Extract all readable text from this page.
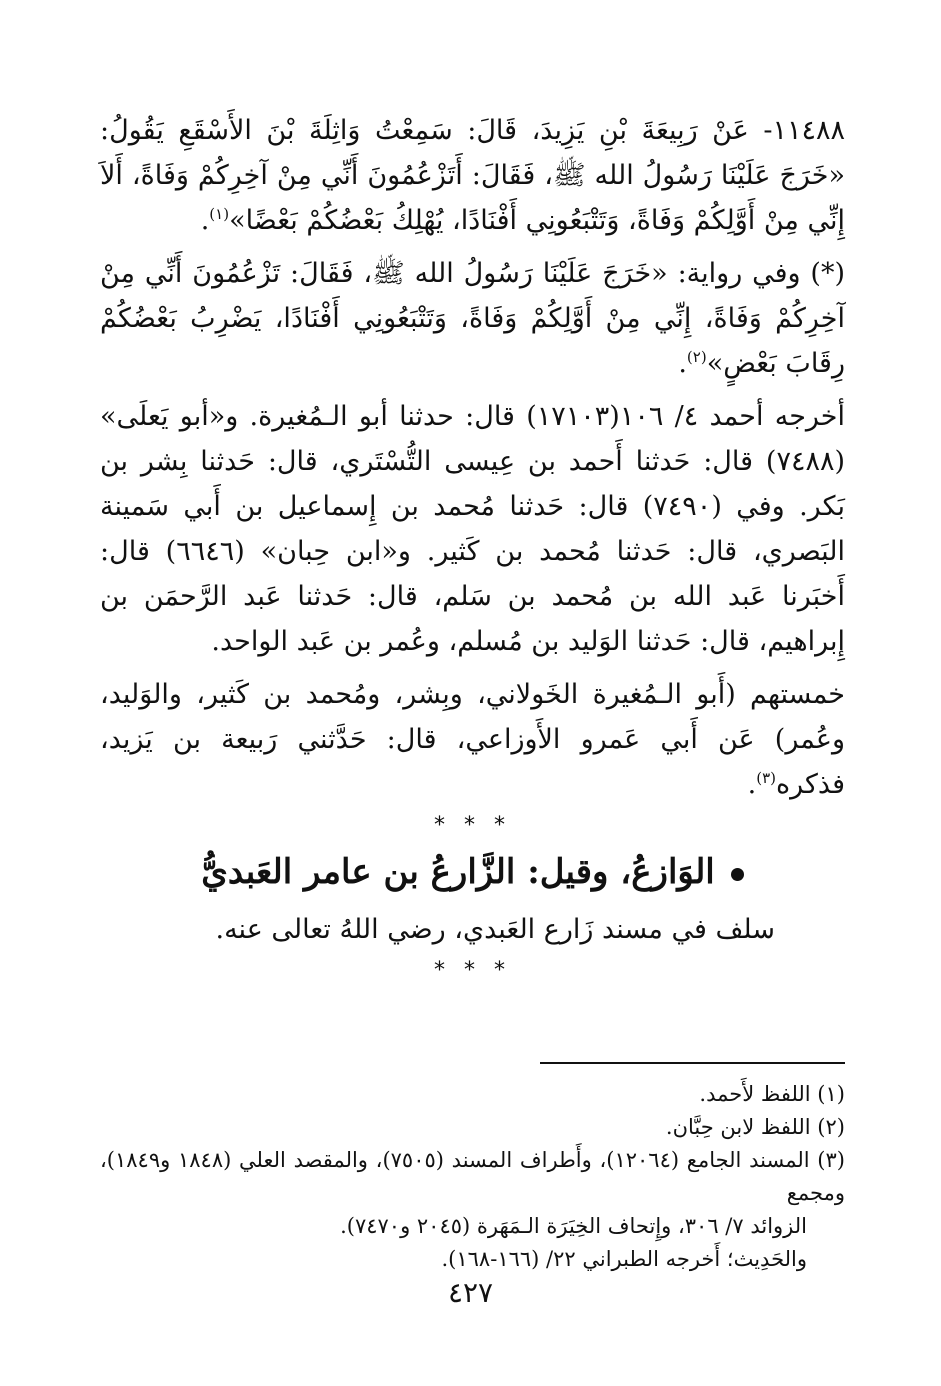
١١٤٨٨- عَنْ رَبِيعَةَ بْنِ يَزِيدَ، قَالَ: سَمِعْتُ وَاثِلَةَ بْنَ الأَسْقَعِ يَقُولُ: «خَرَجَ عَلَيْنَا رَسُولُ الله ﷺ، فَقَالَ: أَتَزْعُمُونَ أَنِّي مِنْ آخِرِكُمْ وَفَاةً، أَلاَ إِنِّي مِنْ أَوَّلِكُمْ وَفَاةً، وَتَتْبَعُونِي أَفْنَادًا، يُهْلِكُ بَعْضُكُمْ بَعْضًا»$^{(١)}$.

(*) وفي رواية: «خَرَجَ عَلَيْنَا رَسُولُ الله ﷺ، فَقَالَ: تَزْعُمُونَ أَنِّي مِنْ آخِرِكُمْ وَفَاةً، إِنِّي مِنْ أَوَّلِكُمْ وَفَاةً، وَتَتْبَعُونِي أَفْنَادًا، يَضْرِبُ بَعْضُكُمْ رِقَابَ بَعْضٍ»$^{(٢)}$.

أخرجه أحمد ٤/ ١٠٦(١٧١٠٣) قال: حدثنا أبو الـمُغيرة. و«أبو يَعلَى» (٧٤٨٨) قال: حَدثنا أَحمد بن عِيسى التُّسْتَري، قال: حَدثنا بِشر بن بَكر. وفي (٧٤٩٠) قال: حَدثنا مُحمد بن إِسماعيل بن أَبي سَمينة البَصري، قال: حَدثنا مُحمد بن كَثير. و«ابن حِبان» (٦٦٤٦) قال: أَخبَرنا عَبد الله بن مُحمد بن سَلم، قال: حَدثنا عَبد الرَّحمَن بن إِبراهيم، قال: حَدثنا الوَليد بن مُسلم، وعُمر بن عَبد الواحد.

خمستهم (أَبو الـمُغيرة الخَولاني، وبِشر، ومُحمد بن كَثير، والوَليد، وعُمر) عَن أَبي عَمرو الأَوزاعي، قال: حَدَّثني رَبيعة بن يَزيد، فذكره$^{(٣)}$.

* * *
الوَازعُ، وقيل: الزَّارعُ بن عامر العَبديُّ

سلف في مسند زَارع العَبدي، رضي اللهُ تعالى عنه.

* * *

(١) اللفظ لأَحمد.

(٢) اللفظ لابن حِبَّان.

(٣) المسند الجامع (١٢٠٦٤)، وأَطراف المسند (٧٥٠٥)، والمقصد العلي (١٨٤٨ و١٨٤٩)، ومجمع

الزوائد ٧/ ٣٠٦، وإِتحاف الخِيَرَة الـمَهَرة (٢٠٤٥ و٧٤٧٠).

والحَدِيث؛ أَخرجه الطبراني ٢٢/ (١٦٦-١٦٨).

٤٢٧
